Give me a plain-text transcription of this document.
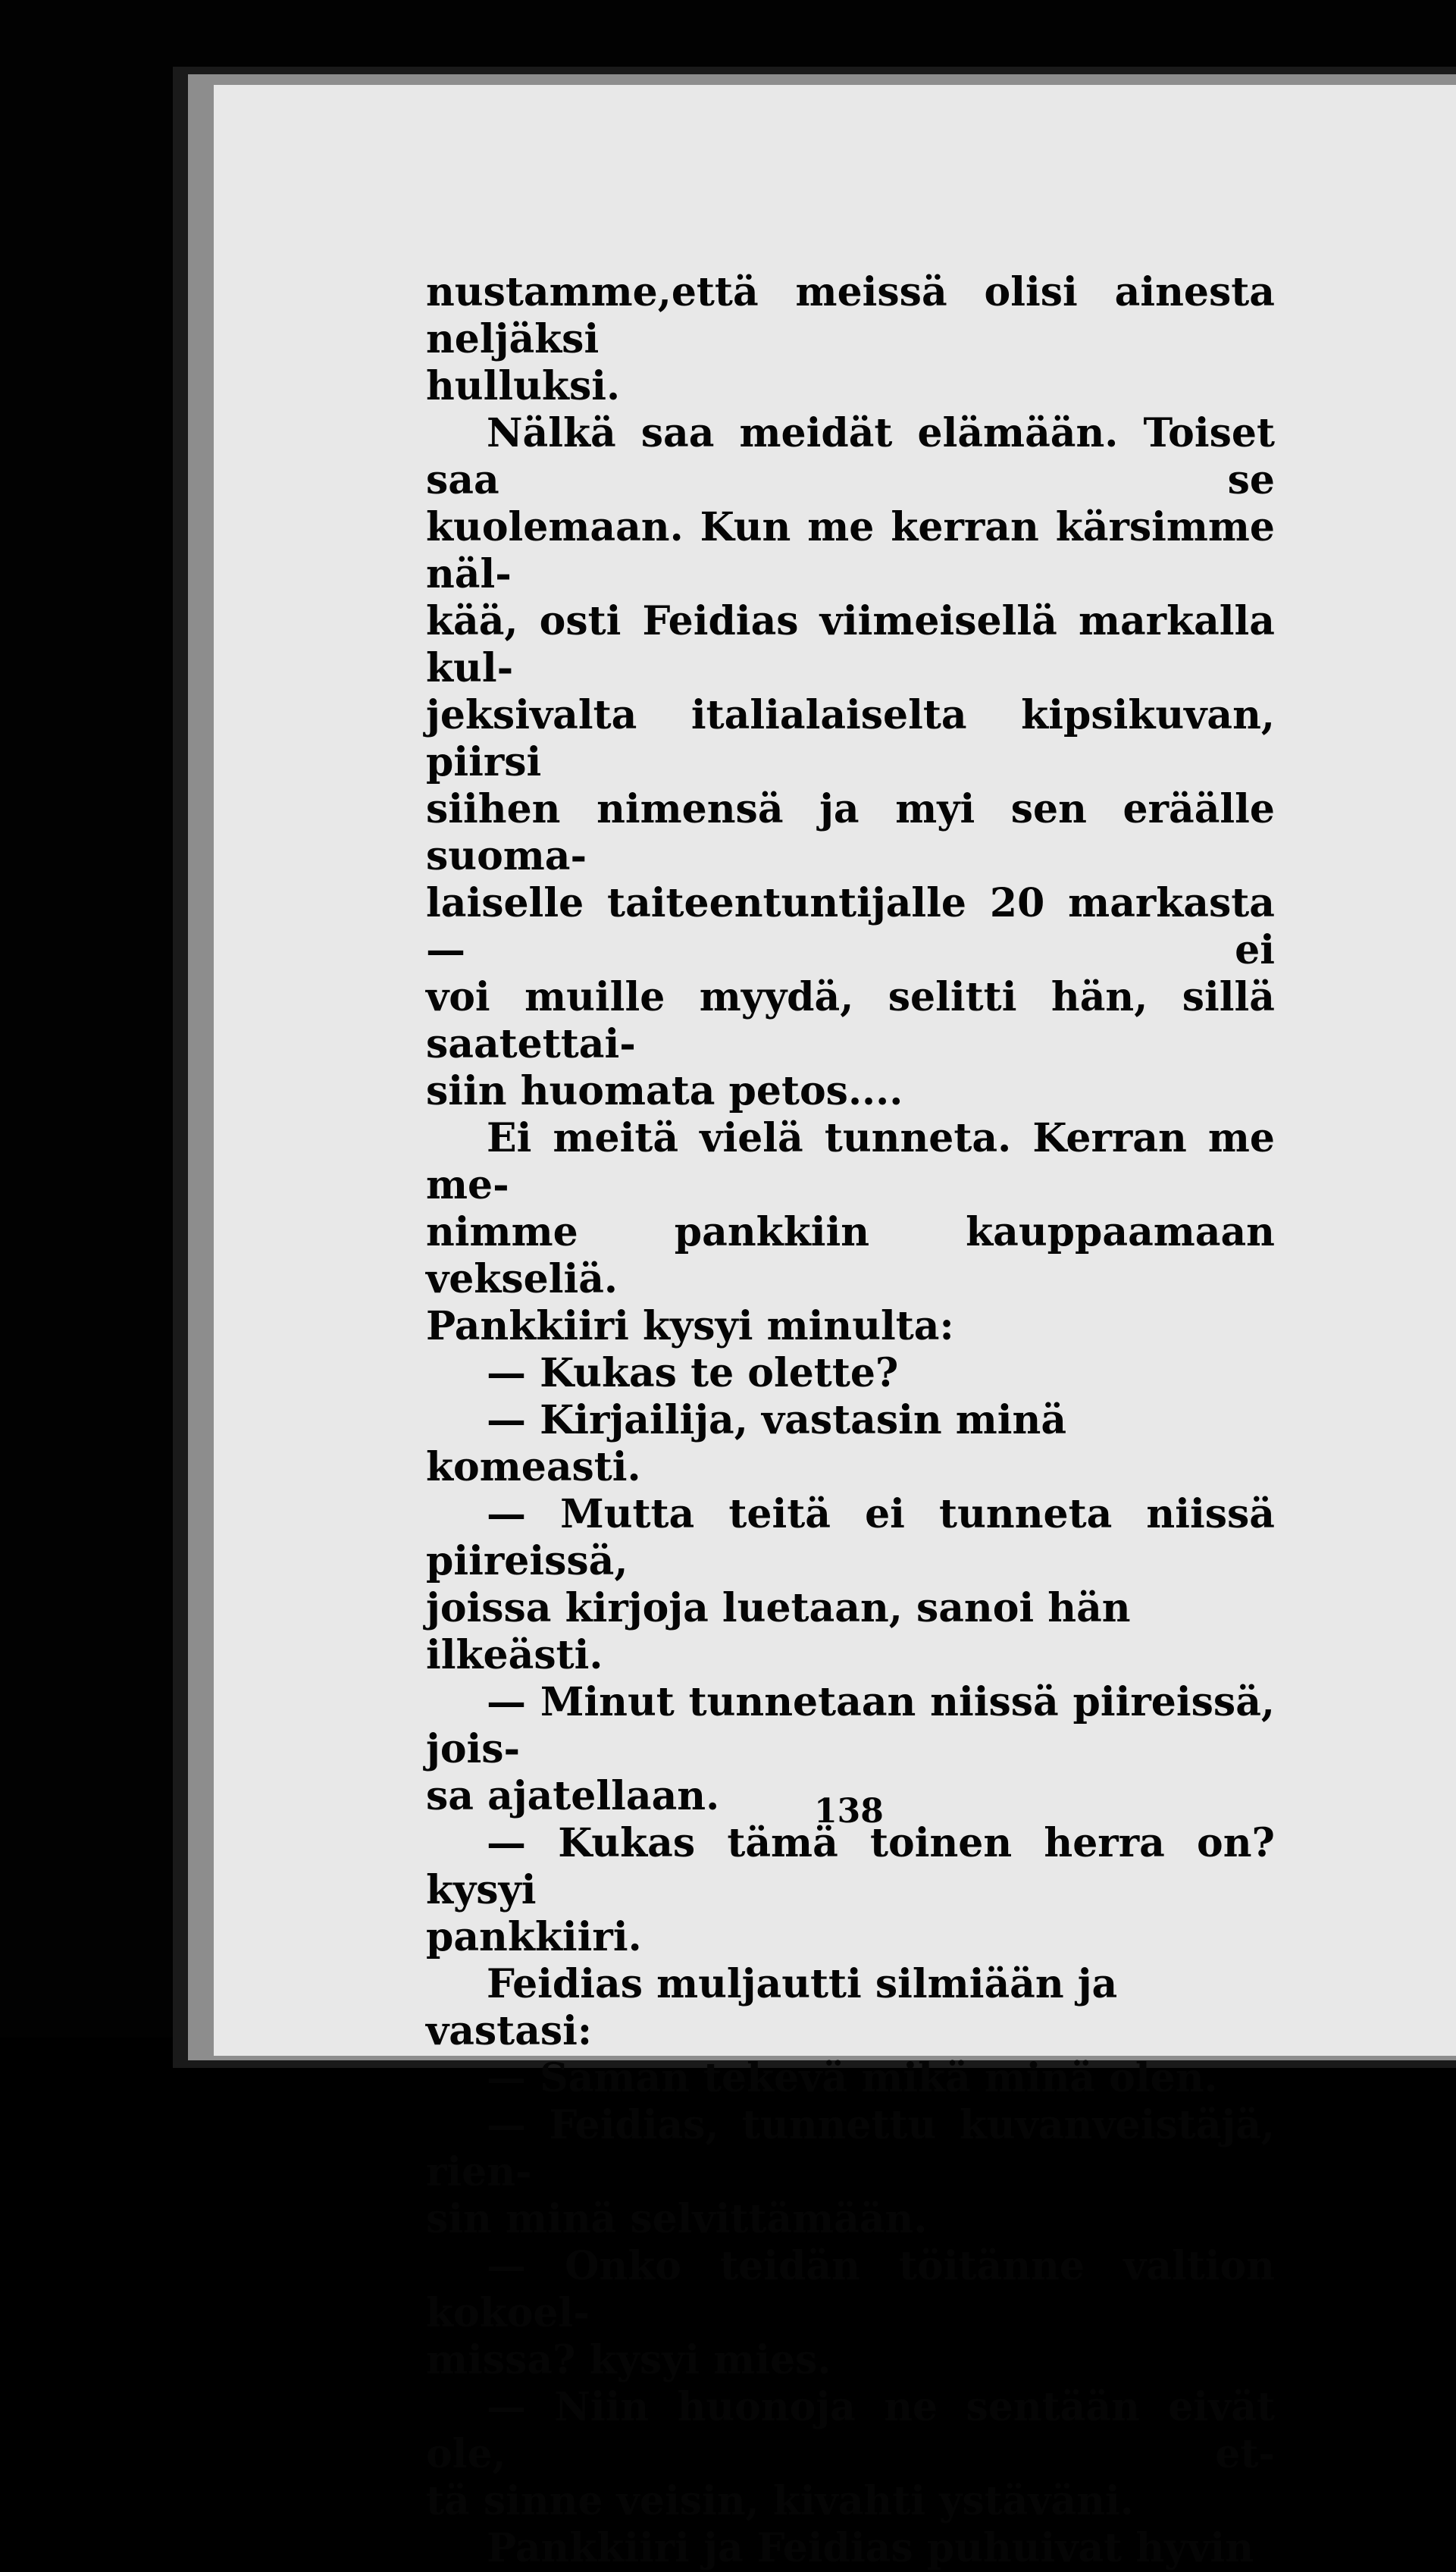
nustamme,että meissä olisi ainesta neljäksi
hulluksi.
Nälkä saa meidät elämään. Toiset saa se
kuolemaan. Kun me kerran kärsimme näl-
kää, osti Feidias viimeisellä markalla kul-
jeksivalta italialaiselta kipsikuvan, piirsi
siihen nimensä ja myi sen eräälle suoma-
laiselle taiteentuntijalle 20 markasta — ei
voi muille myydä, selitti hän, sillä saatettai-
siin huomata petos....
Ei meitä vielä tunneta. Kerran me me-
nimme pankkiin kauppaamaan vekseliä.
Pankkiiri kysyi minulta:
— Kukas te olette?
— Kirjailija, vastasin minä komeasti.
— Mutta teitä ei tunneta niissä piireissä,
joissa kirjoja luetaan, sanoi hän ilkeästi.
— Minut tunnetaan niissä piireissä, jois-
sa ajatellaan.
— Kukas tämä toinen herra on? kysyi
pankkiiri.
Feidias muljautti silmiään ja vastasi:
— Saman tekevä mikä minä olen.
— Feidias, tunnettu kuvanveistäjä, rien-
sin minä selvittämään.
— Onko teidän töitänne valtion kokoel-
missa? kysyi mies.
— Niin huonoja ne sentään eivät ole, et-
tä sinne veisin, kivahti ystäväni.
Pankkiiri ja Feidias puhuivat hyvin
138
